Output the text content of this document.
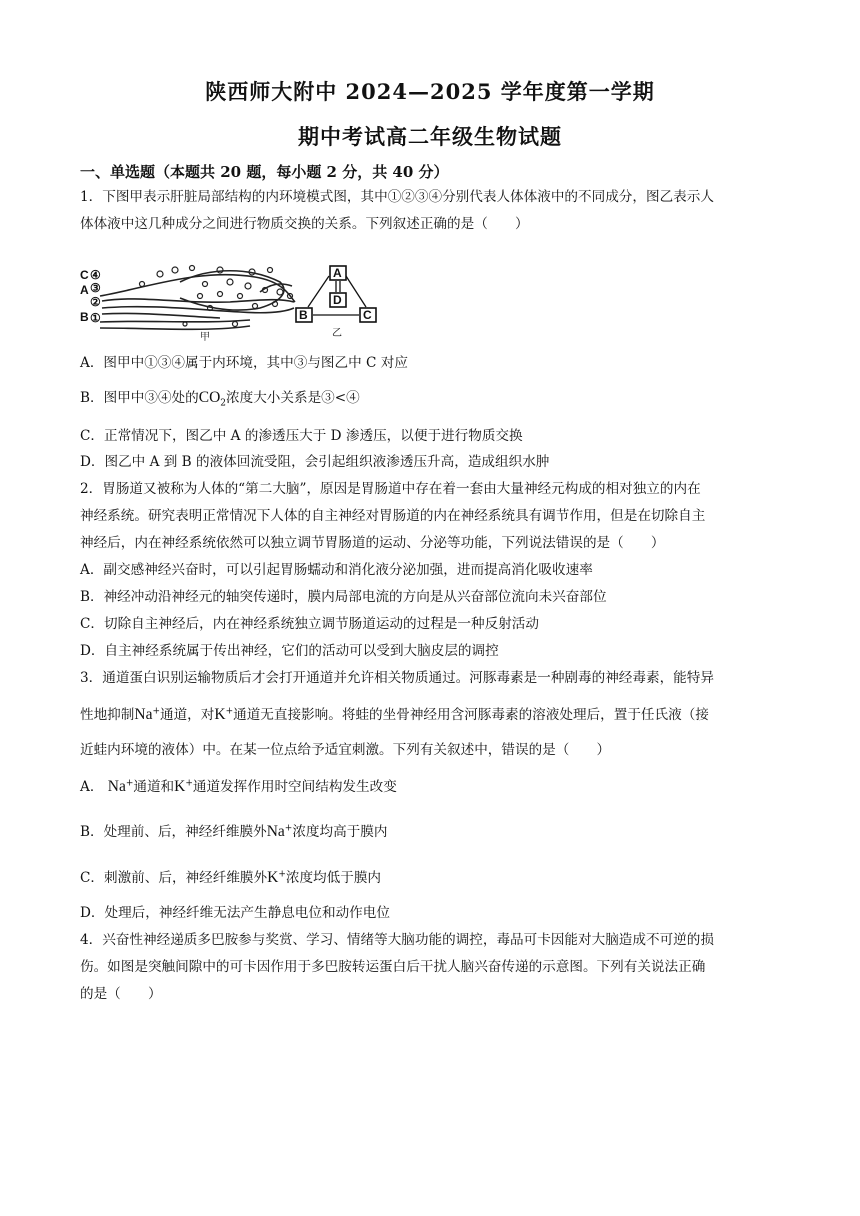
陕西师大附中 2024—2025 学年度第一学期
期中考试高二年级生物试题
一、单选题（本题共 20 题，每小题 2 分，共 40 分）
1．下图甲表示肝脏局部结构的内环境模式图，其中①②③④分别代表人体体液中的不同成分，图乙表示人
体体液中这几种成分之间进行物质交换的关系。下列叙述正确的是（　　）
C ④
A ③
②
B ①
甲
A
D
B	C
乙
A．图甲中①③④属于内环境，其中③与图乙中 C 对应
B．图甲中③④处的$CO_2$浓度大小关系是③<④
C．正常情况下，图乙中 A 的渗透压大于 D 渗透压，以便于进行物质交换
D．图乙中 A 到 B 的液体回流受阻，会引起组织液渗透压升高，造成组织水肿
2．胃肠道又被称为人体的“第二大脑”，原因是胃肠道中存在着一套由大量神经元构成的相对独立的内在
神经系统。研究表明正常情况下人体的自主神经对胃肠道的内在神经系统具有调节作用，但是在切除自主
神经后，内在神经系统依然可以独立调节胃肠道的运动、分泌等功能，下列说法错误的是（　　）
A．副交感神经兴奋时，可以引起胃肠蠕动和消化液分泌加强，进而提高消化吸收速率
B．神经冲动沿神经元的轴突传递时，膜内局部电流的方向是从兴奋部位流向未兴奋部位
C．切除自主神经后，内在神经系统独立调节肠道运动的过程是一种反射活动
D．自主神经系统属于传出神经，它们的活动可以受到大脑皮层的调控
3．通道蛋白识别运输物质后才会打开通道并允许相关物质通过。河豚毒素是一种剧毒的神经毒素，能特异
性地抑制Na+通道，对K+通道无直接影响。将蛙的坐骨神经用含河豚毒素的溶液处理后，置于任氏液（接
近蛙内环境的液体）中。在某一位点给予适宜刺激。下列有关叙述中，错误的是（　　）
A． Na+通道和K+通道发挥作用时空间结构发生改变
B．处理前、后，神经纤维膜外Na+浓度均高于膜内
C．刺激前、后，神经纤维膜外K+浓度均低于膜内
D．处理后，神经纤维无法产生静息电位和动作电位
4．兴奋性神经递质多巴胺参与奖赏、学习、情绪等大脑功能的调控，毒品可卡因能对大脑造成不可逆的损
伤。如图是突触间隙中的可卡因作用于多巴胺转运蛋白后干扰人脑兴奋传递的示意图。下列有关说法正确
的是（　　）
